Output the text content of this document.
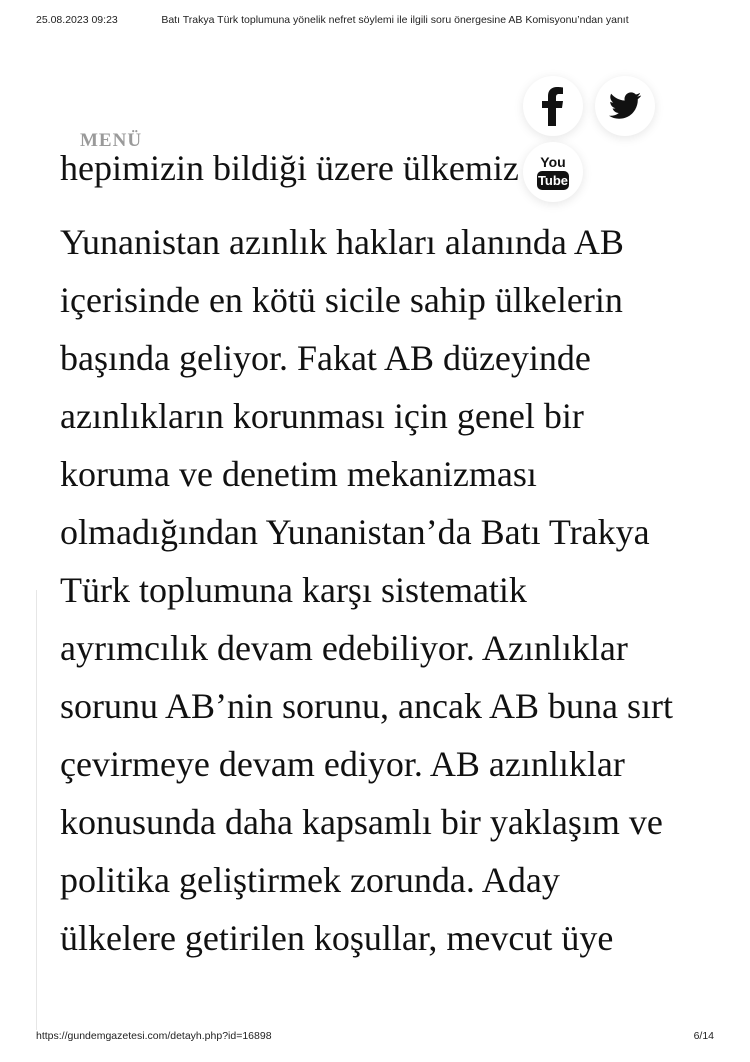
25.08.2023 09:23	Batı Trakya Türk toplumuna yönelik nefret söylemi ile ilgili soru önergesine AB Komisyonu’ndan yanıt

hepimizin bildiği üzere ülkemiz
Yunanistan azınlık hakları alanında AB
içerisinde en kötü sicile sahip ülkelerin
başında geliyor. Fakat AB düzeyinde
azınlıkların korunması için genel bir
koruma ve denetim mekanizması
olmadığından Yunanistan’da Batı Trakya
Türk toplumuna karşı sistematik
ayrımcılık devam edebiliyor. Azınlıklar
sorunu AB’nin sorunu, ancak AB buna sırt
çevirmeye devam ediyor. AB azınlıklar
konusunda daha kapsamlı bir yaklaşım ve
politika geliştirmek zorunda. Aday
ülkelere getirilen koşullar, mevcut üye

MENÜ
You
Tube
https://gundemgazetesi.com/detayh.php?id=16898	6/14
